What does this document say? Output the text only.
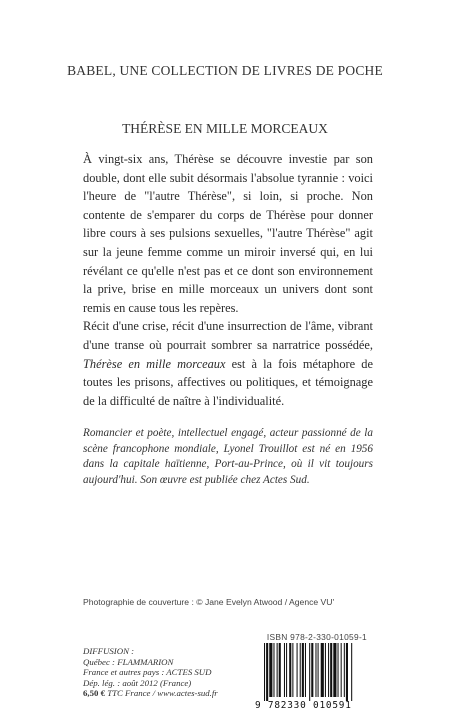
BABEL, UNE COLLECTION DE LIVRES DE POCHE
THÉRÈSE EN MILLE MORCEAUX

À vingt-six ans, Thérèse se découvre investie par son double, dont elle subit désormais l'absolue tyrannie : voici l'heure de "l'autre Thérèse", si loin, si proche. Non contente de s'emparer du corps de Thérèse pour donner libre cours à ses pulsions sexuelles, "l'autre Thérèse" agit sur la jeune femme comme un miroir inversé qui, en lui révélant ce qu'elle n'est pas et ce dont son environnement la prive, brise en mille morceaux un univers dont sont remis en cause tous les repères.

Récit d'une crise, récit d'une insurrection de l'âme, vibrant d'une transe où pourrait sombrer sa narratrice possédée, Thérèse en mille morceaux est à la fois métaphore de toutes les prisons, affectives ou politiques, et témoignage de la difficulté de naître à l'individualité.

Romancier et poète, intellectuel engagé, acteur passionné de la scène francophone mondiale, Lyonel Trouillot est né en 1956 dans la capitale haïtienne, Port-au-Prince, où il vit toujours aujourd'hui. Son œuvre est publiée chez Actes Sud.
Photographie de couverture : © Jane Evelyn Atwood / Agence VU'
ISBN 978-2-330-01059-1
DIFFUSION :
Québec : FLAMMARION
France et autres pays : ACTES SUD
Dép. lég. : août 2012 (France)
6,50 € TTC France / www.actes-sud.fr
9 782330 010591
